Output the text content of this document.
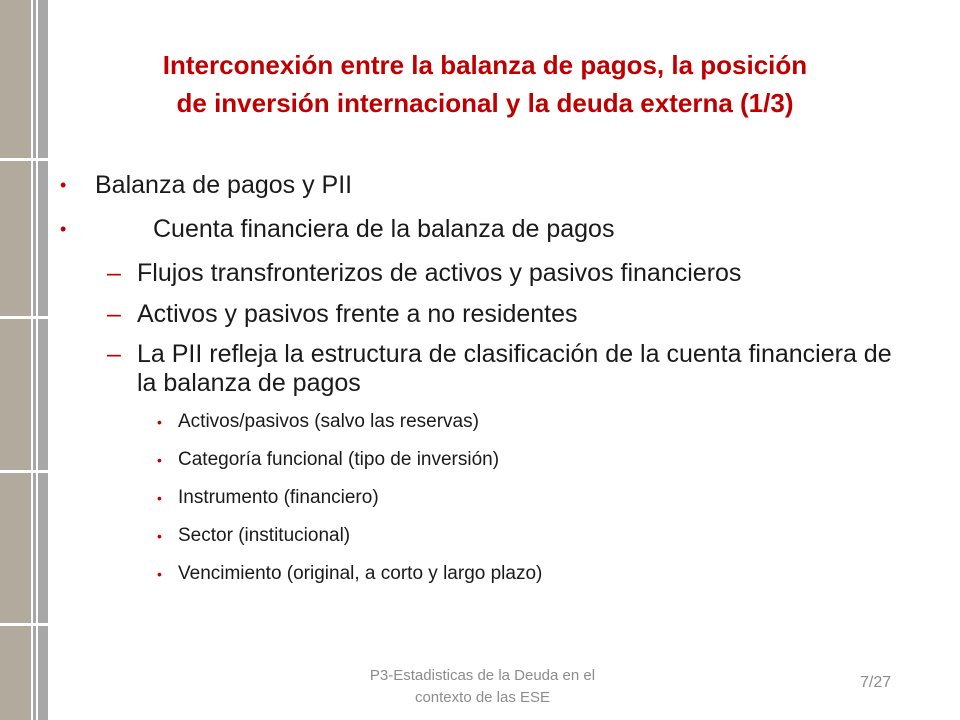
Interconexión entre la balanza de pagos, la posición
de inversión internacional y la deuda externa (1/3)
• Balanza de pagos y PII
•	Cuenta financiera de la balanza de pagos
– Flujos transfronterizos de activos y pasivos financieros
– Activos y pasivos frente a no residentes
– La PII refleja la estructura de clasificación de la cuenta financiera de la balanza de pagos
• Activos/pasivos (salvo las reservas)
• Categoría funcional (tipo de inversión)
• Instrumento (financiero)
• Sector (institucional)
• Vencimiento (original, a corto y largo plazo)
P3-Estadisticas de la Deuda en el
contexto de las ESE
7/27
